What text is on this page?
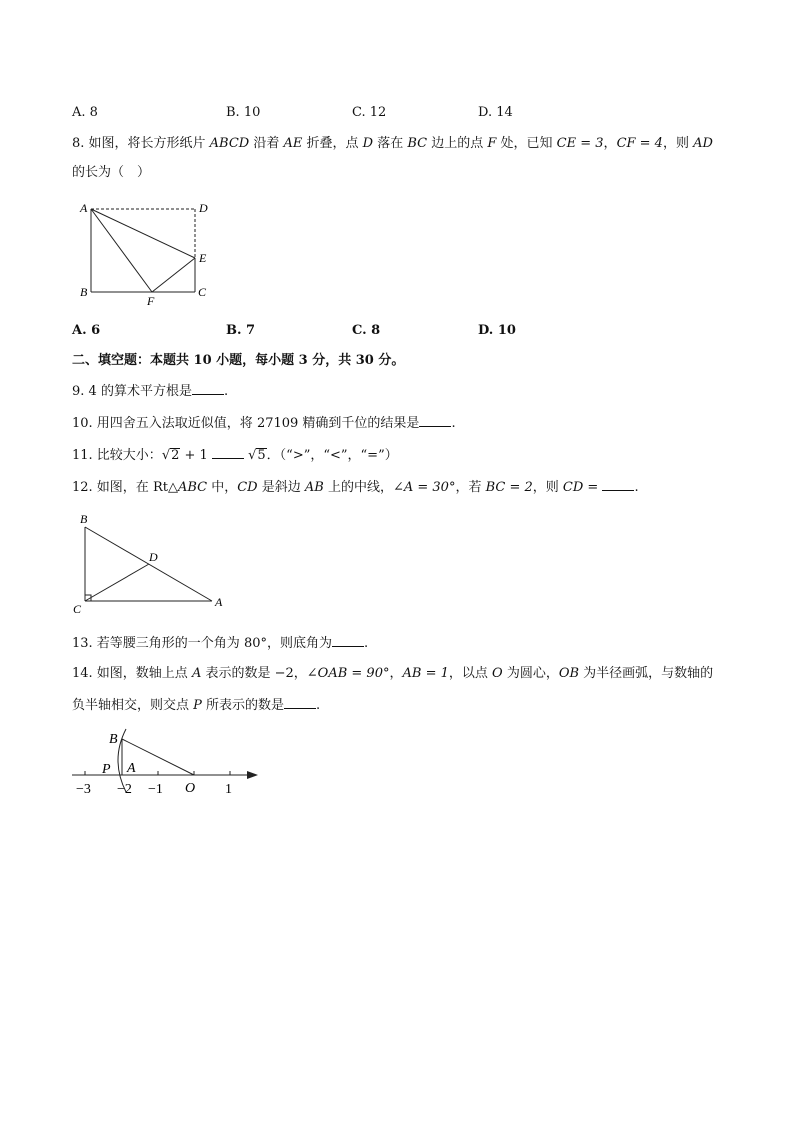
A. 8	B. 10	C. 12	D. 14
8. 如图，将长方形纸片 ABCD 沿着 AE 折叠，点 D 落在 BC 边上的点 F 处，已知 CE = 3，CF = 4，则 AD
的长为（　）
A	D
E
B	C
F
A. 6	B. 7	C. 8	D. 10
二、填空题：本题共 10 小题，每小题 3 分，共 30 分。
9. 4 的算术平方根是 .
10. 用四舍五入法取近似值，将 27109 精确到千位的结果是 .
11. 比较大小：√2 + 1	√5．（“>”，“<”，“=”）
12. 如图，在 Rt△ABC 中，CD 是斜边 AB 上的中线，∠A = 30°，若 BC = 2，则 CD =	.
B
D
C	A
13. 若等腰三角形的一个角为 80°，则底角为 .
14. 如图，数轴上点 A 表示的数是 −2，∠OAB = 90°，AB = 1，以点 O 为圆心，OB 为半径画弧，与数轴的
负半轴相交，则交点 P 所表示的数是 .
B
P A
O
−3 −2 −1	1
